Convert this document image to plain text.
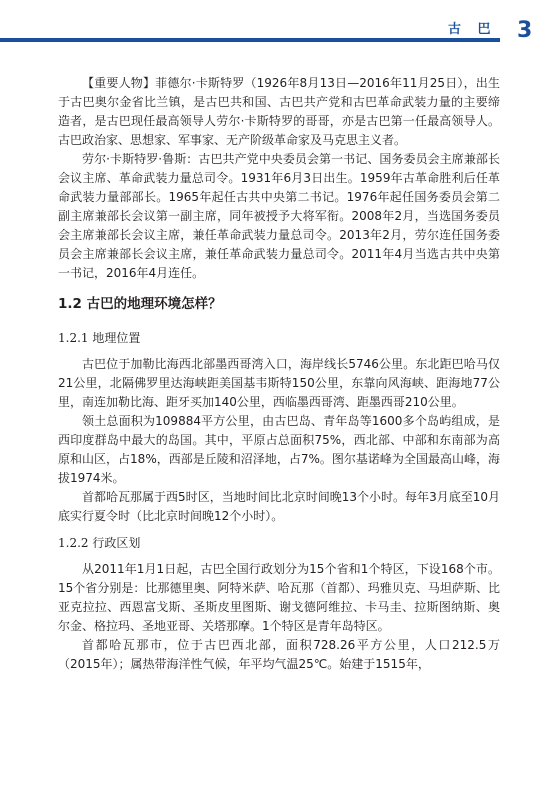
古 巴 3

【重要人物】菲德尔·卡斯特罗（1926年8月13日—2016年11月25日），出生于古巴奥尔金省比兰镇，是古巴共和国、古巴共产党和古巴革命武装力量的主要缔造者，是古巴现任最高领导人劳尔·卡斯特罗的哥哥，亦是古巴第一任最高领导人。古巴政治家、思想家、军事家、无产阶级革命家及马克思主义者。

劳尔·卡斯特罗·鲁斯：古巴共产党中央委员会第一书记、国务委员会主席兼部长会议主席、革命武装力量总司令。1931年6月3日出生。1959年古革命胜利后任革命武装力量部部长。1965年起任古共中央第二书记。1976年起任国务委员会第二副主席兼部长会议第一副主席，同年被授予大将军衔。2008年2月，当选国务委员会主席兼部长会议主席，兼任革命武装力量总司令。2013年2月，劳尔连任国务委员会主席兼部长会议主席，兼任革命武装力量总司令。2011年4月当选古共中央第一书记，2016年4月连任。

1.2 古巴的地理环境怎样？
1.2.1 地理位置

古巴位于加勒比海西北部墨西哥湾入口，海岸线长5746公里。东北距巴哈马仅21公里，北隔佛罗里达海峡距美国基韦斯特150公里，东靠向风海峡、距海地77公里，南连加勒比海、距牙买加140公里，西临墨西哥湾、距墨西哥210公里。

领土总面积为109884平方公里，由古巴岛、青年岛等1600多个岛屿组成，是西印度群岛中最大的岛国。其中，平原占总面积75%，西北部、中部和东南部为高原和山区，占18%，西部是丘陵和沼泽地，占7%。图尔基诺峰为全国最高山峰，海拔1974米。

首都哈瓦那属于西5时区，当地时间比北京时间晚13个小时。每年3月底至10月底实行夏令时（比北京时间晚12个小时）。

1.2.2 行政区划

从2011年1月1日起，古巴全国行政划分为15个省和1个特区，下设168个市。15个省分别是：比那德里奥、阿特米萨、哈瓦那（首都）、玛雅贝克、马坦萨斯、比亚克拉拉、西恩富戈斯、圣斯皮里图斯、谢戈德阿维拉、卡马圭、拉斯图纳斯、奥尔金、格拉玛、圣地亚哥、关塔那摩。1个特区是青年岛特区。

首都哈瓦那市，位于古巴西北部，面积728.26平方公里，人口212.5万（2015年）；属热带海洋性气候，年平均气温25℃。始建于1515年，
